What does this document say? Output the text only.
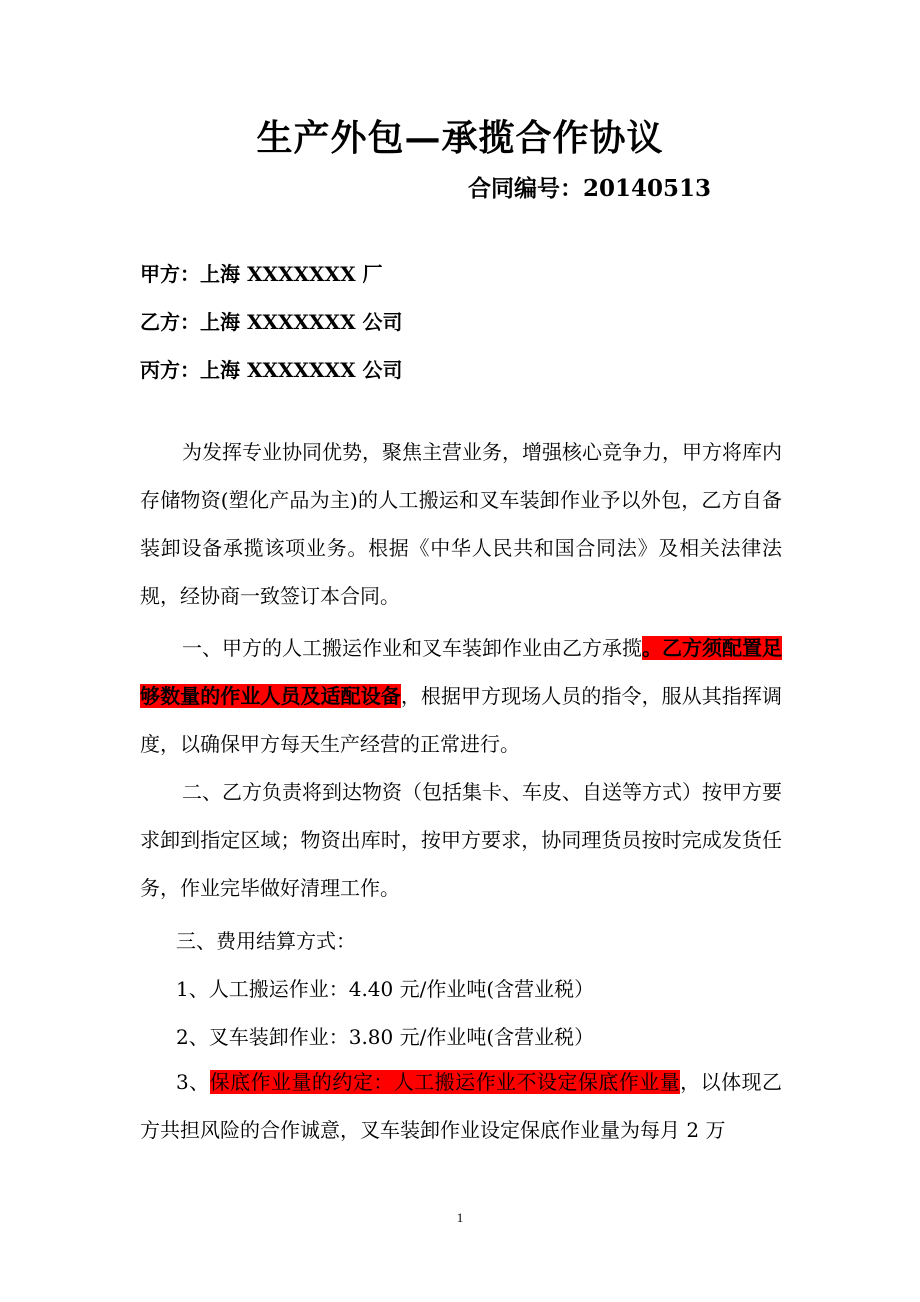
生产外包—承揽合作协议
合同编号：20140513
甲方：上海 XXXXXXX 厂
乙方：上海 XXXXXXX 公司
丙方：上海 XXXXXXX 公司
为发挥专业协同优势，聚焦主营业务，增强核心竞争力，甲方将库内存储物资(塑化产品为主)的人工搬运和叉车装卸作业予以外包，乙方自备装卸设备承揽该项业务。根据《中华人民共和国合同法》及相关法律法规，经协商一致签订本合同。
一、甲方的人工搬运作业和叉车装卸作业由乙方承揽。乙方须配置足够数量的作业人员及适配设备，根据甲方现场人员的指令，服从其指挥调度，以确保甲方每天生产经营的正常进行。
二、乙方负责将到达物资（包括集卡、车皮、自送等方式）按甲方要求卸到指定区域；物资出库时，按甲方要求，协同理货员按时完成发货任务，作业完毕做好清理工作。
三、费用结算方式：
1、人工搬运作业：4.40 元/作业吨(含营业税）
2、叉车装卸作业：3.80 元/作业吨(含营业税）
3、保底作业量的约定：人工搬运作业不设定保底作业量，以体现乙方共担风险的合作诚意，叉车装卸作业设定保底作业量为每月 2 万
1
